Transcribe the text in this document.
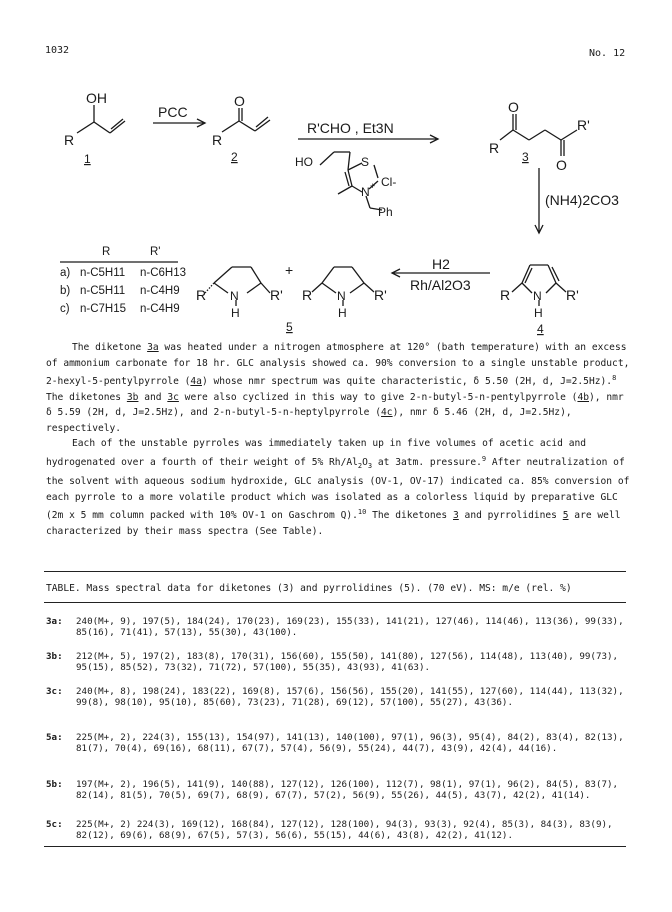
1032	No. 12
OH
R
PCC
O
R
R'CHO , Et3N
HO	S
N + Cl-
Ph
O
R
O
R'
(NH4)2CO3
H2
Rh/Al2O3
R N
H
R'
+
R N
H
R'	R N
H
R'
1	2	3
4
5
R	R'
a) n-C5H11 n-C6H13
b) n-C5H11 n-C4H9
c) n-C7H15 n-C4H9

The diketone 3a was heated under a nitrogen atmosphere at 120° (bath temperature) with an excess of ammonium carbonate for 18 hr. GLC analysis showed ca. 90% conversion to a single unstable product, 2-hexyl-5-pentylpyrrole (4a) whose nmr spectrum was quite characteristic, δ 5.50 (2H, d, J=2.5Hz).$^8$ The diketones 3b and 3c were also cyclized in this way to give 2-n-butyl-5-n-pentylpyrrole (4b), nmr δ 5.59 (2H, d, J=2.5Hz), and 2-n-butyl-5-n-heptylpyrrole (4c), nmr δ 5.46 (2H, d, J=2.5Hz), respectively.

Each of the unstable pyrroles was immediately taken up in five volumes of acetic acid and hydrogenated over a fourth of their weight of 5% $Rh/Al_2O_3$ at 3atm. pressure.$^9$ After neutralization of the solvent with aqueous sodium hydroxide, GLC analysis (OV-1, OV-17) indicated ca. 85% conversion of each pyrrole to a more volatile product which was isolated as a colorless liquid by preparative GLC (2m x 5 mm column packed with 10% OV-1 on Gaschrom Q).$^{10}$ The diketones 3 and pyrrolidines 5 are well characterized by their mass spectra (See Table).

TABLE. Mass spectral data for diketones (3) and pyrrolidines (5). (70 eV). MS: m/e (rel. %)
3a: 240(M+, 9), 197(5), 184(24), 170(23), 169(23), 155(33), 141(21), 127(46), 114(46), 113(36), 99(33), 85(16), 71(41), 57(13), 55(30), 43(100).
3b: 212(M+, 5), 197(2), 183(8), 170(31), 156(60), 155(50), 141(80), 127(56), 114(48), 113(40), 99(73), 95(15), 85(52), 73(32), 71(72), 57(100), 55(35), 43(93), 41(63).
3c: 240(M+, 8), 198(24), 183(22), 169(8), 157(6), 156(56), 155(20), 141(55), 127(60), 114(44), 113(32), 99(8), 98(10), 95(10), 85(60), 73(23), 71(28), 69(12), 57(100), 55(27), 43(36).
5a: 225(M+, 2), 224(3), 155(13), 154(97), 141(13), 140(100), 97(1), 96(3), 95(4), 84(2), 83(4), 82(13), 81(7), 70(4), 69(16), 68(11), 67(7), 57(4), 56(9), 55(24), 44(7), 43(9), 42(4), 44(16).
5b: 197(M+, 2), 196(5), 141(9), 140(88), 127(12), 126(100), 112(7), 98(1), 97(1), 96(2), 84(5), 83(7), 82(14), 81(5), 70(5), 69(7), 68(9), 67(7), 57(2), 56(9), 55(26), 44(5), 43(7), 42(2), 41(14).
5c: 225(M+, 2) 224(3), 169(12), 168(84), 127(12), 128(100), 94(3), 93(3), 92(4), 85(3), 84(3), 83(9), 82(12), 69(6), 68(9), 67(5), 57(3), 56(6), 55(15), 44(6), 43(8), 42(2), 41(12).
